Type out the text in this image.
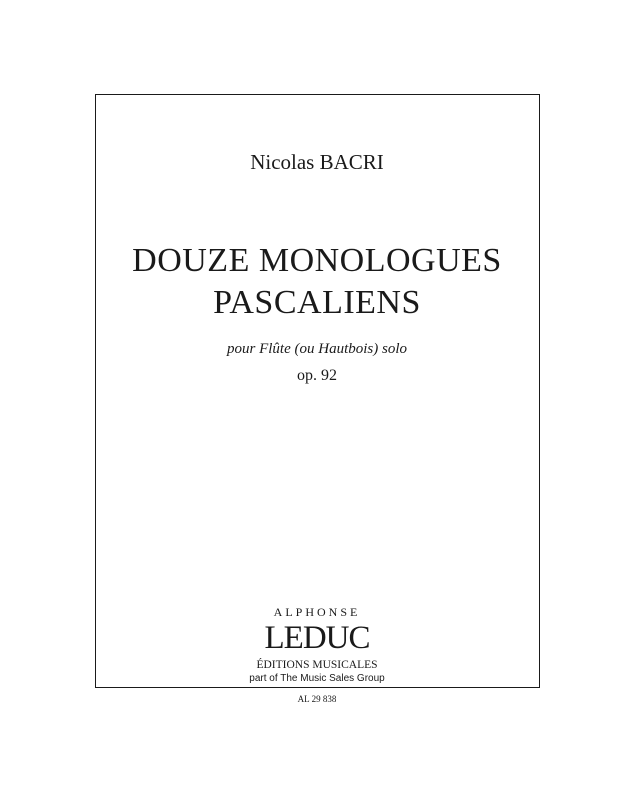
Nicolas BACRI
DOUZE MONOLOGUES
PASCALIENS
pour Flûte (ou Hautbois) solo
op. 92
ALPHONSE
LEDUC
ÉDITIONS MUSICALES
part of The Music Sales Group
AL 29 838
